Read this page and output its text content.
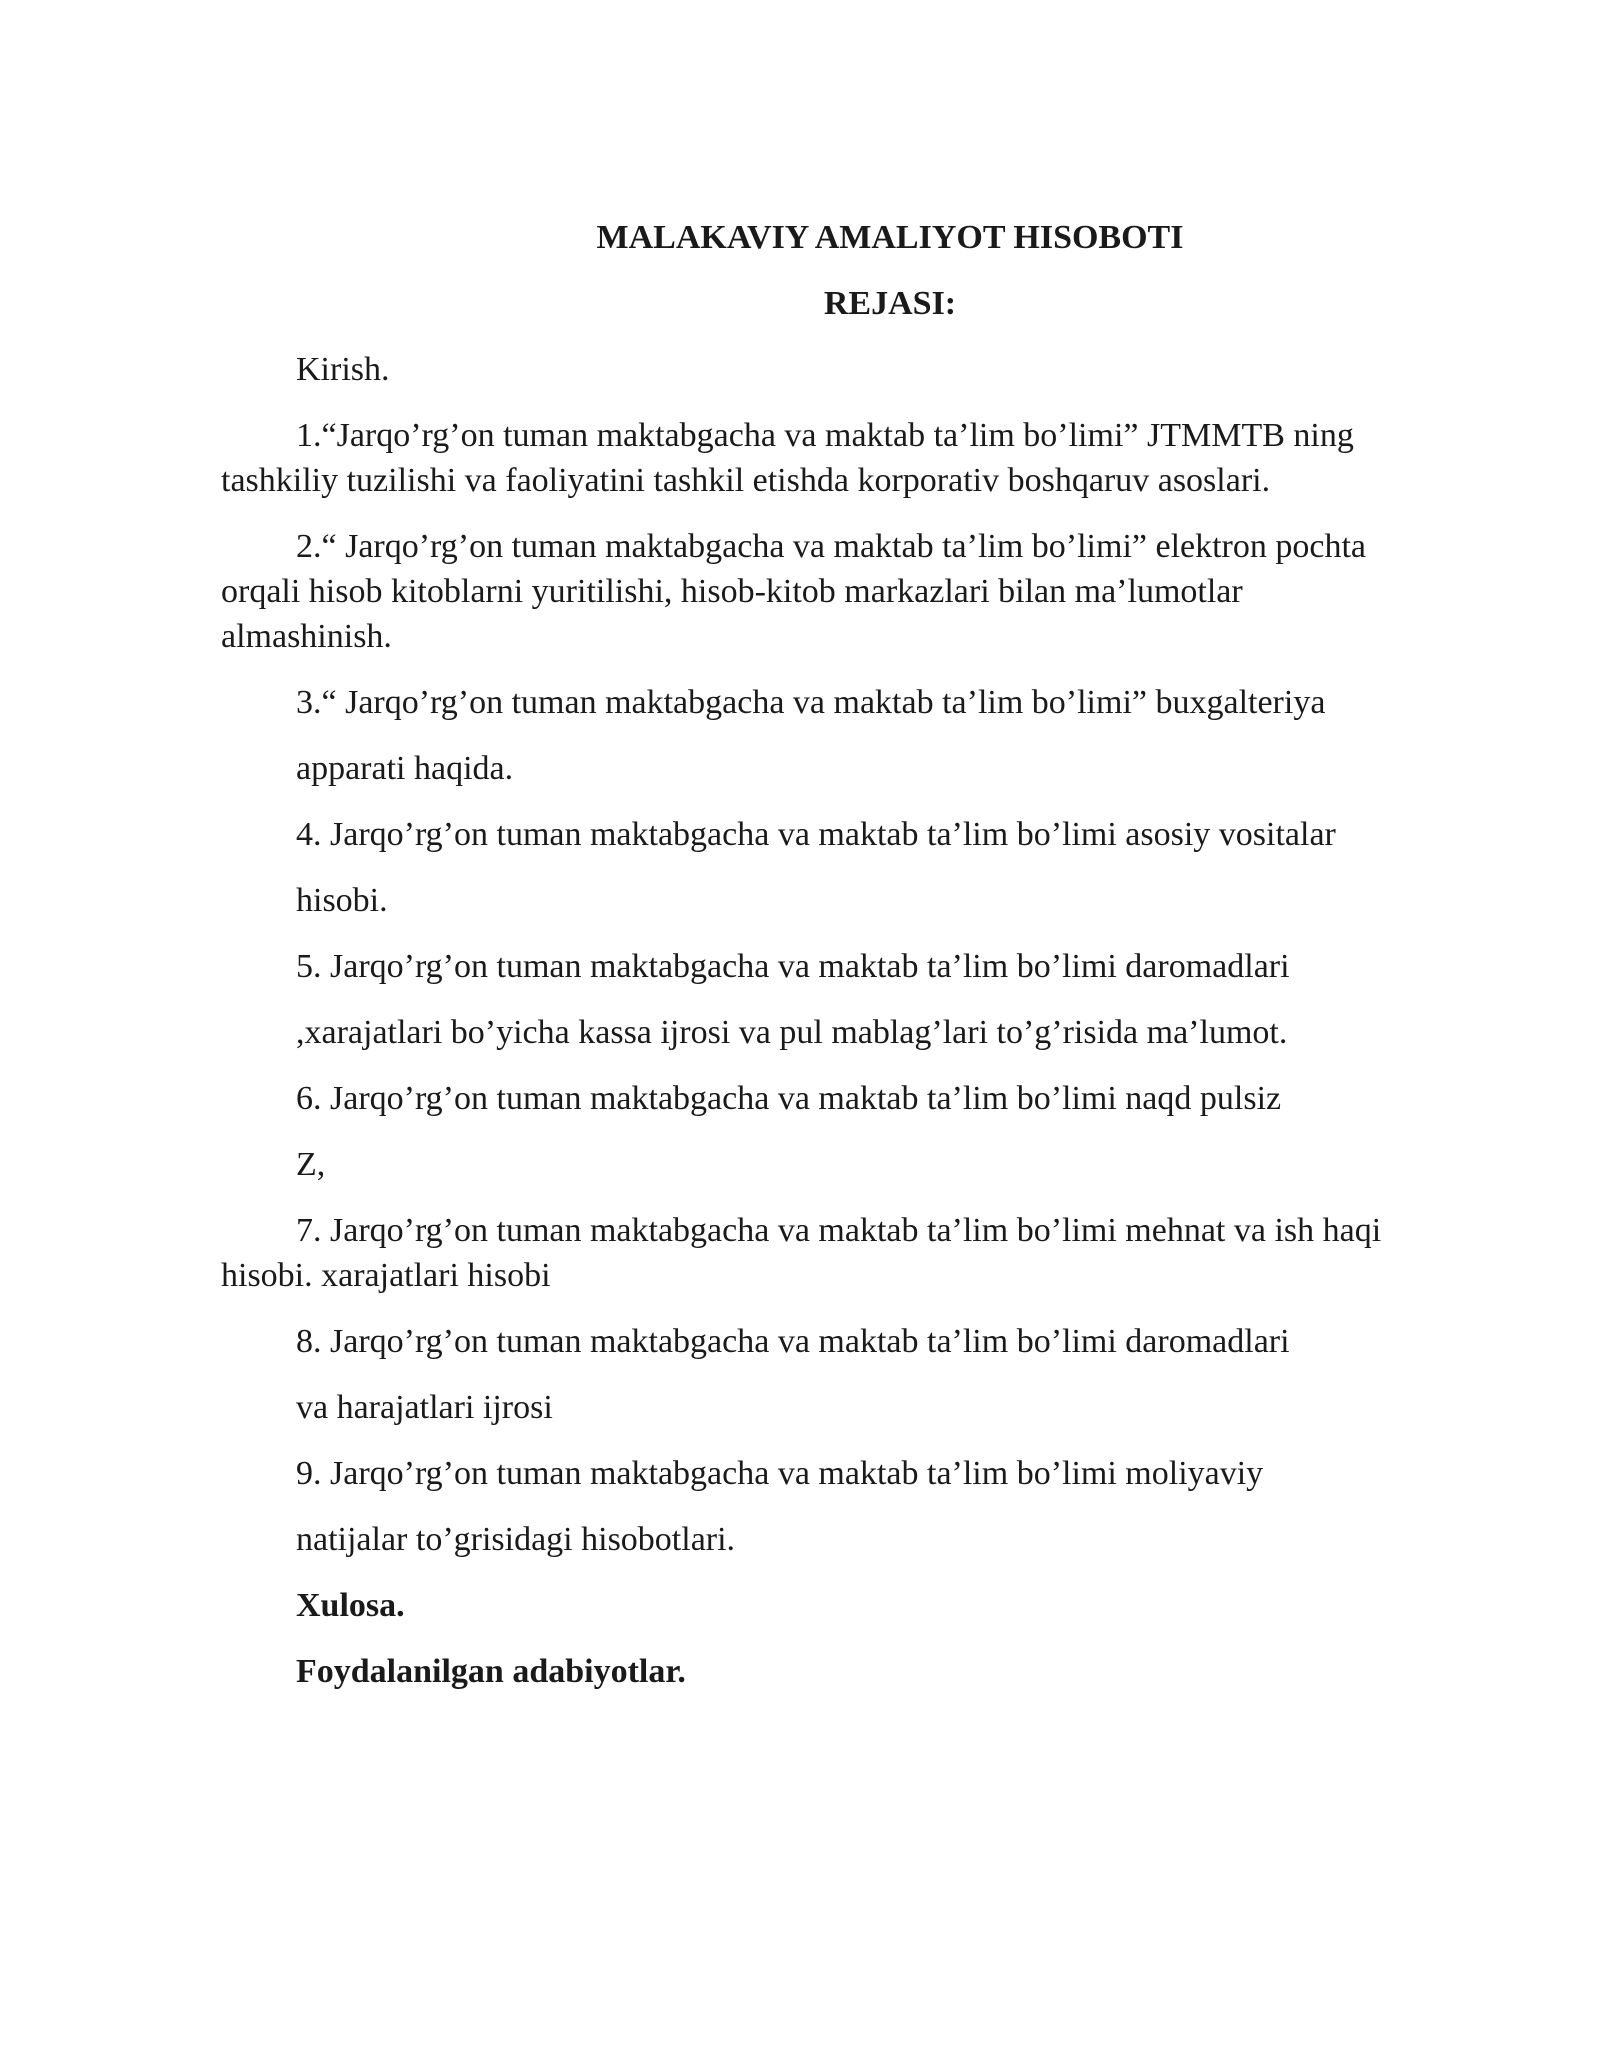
MALAKAVIY AMALIYOT HISOBOTI
REJASI:
Kirish.
1.“Jarqo’rg’on tuman maktabgacha va maktab ta’lim bo’limi” JTMMTB ning
tashkiliy tuzilishi va faoliyatini tashkil etishda korporativ boshqaruv asoslari.
2.“ Jarqo’rg’on tuman maktabgacha va maktab ta’lim bo’limi” elektron pochta
orqali hisob kitoblarni yuritilishi, hisob-kitob markazlari bilan ma’lumotlar
almashinish.
3.“ Jarqo’rg’on tuman maktabgacha va maktab ta’lim bo’limi” buxgalteriya
apparati haqida.
4. Jarqo’rg’on tuman maktabgacha va maktab ta’lim bo’limi asosiy vositalar
hisobi.
5. Jarqo’rg’on tuman maktabgacha va maktab ta’lim bo’limi daromadlari
,xarajatlari bo’yicha kassa ijrosi va pul mablag’lari to’g’risida ma’lumot.
6. Jarqo’rg’on tuman maktabgacha va maktab ta’lim bo’limi naqd pulsiz
Z,
7. Jarqo’rg’on tuman maktabgacha va maktab ta’lim bo’limi mehnat va ish haqi
hisobi. xarajatlari hisobi
8. Jarqo’rg’on tuman maktabgacha va maktab ta’lim bo’limi daromadlari
va harajatlari ijrosi
9. Jarqo’rg’on tuman maktabgacha va maktab ta’lim bo’limi moliyaviy
natijalar to’grisidagi hisobotlari.
Xulosa.
Foydalanilgan adabiyotlar.
